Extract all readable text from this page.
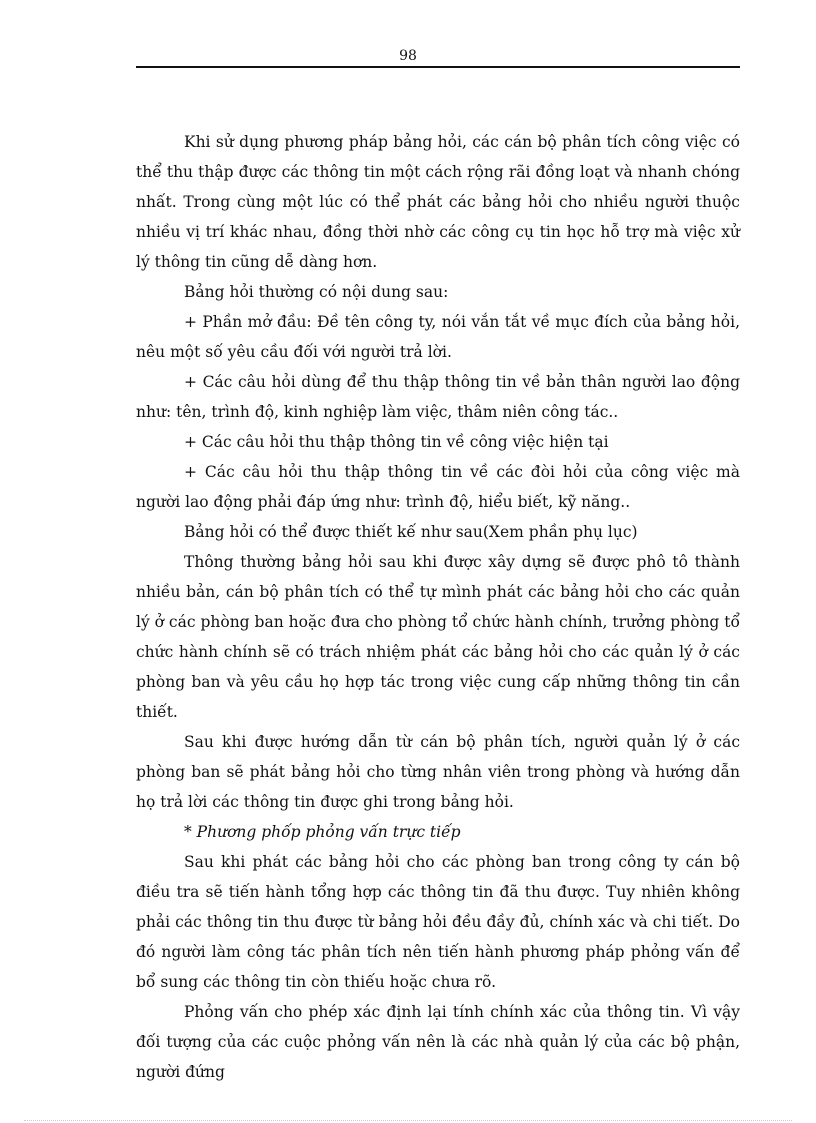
98

Khi sử dụng phương pháp bảng hỏi, các cán bộ phân tích công việc có thể thu thập được các thông tin một cách rộng rãi đồng loạt và nhanh chóng nhất. Trong cùng một lúc có thể phát các bảng hỏi cho nhiều người thuộc nhiều vị trí khác nhau, đồng thời nhờ các công cụ tin học hỗ trợ mà việc xử lý thông tin cũng dễ dàng hơn.

Bảng hỏi thường có nội dung sau:

+ Phần mở đầu: Đề tên công ty, nói vắn tắt về mục đích của bảng hỏi, nêu một số yêu cầu đối với người trả lời.

+ Các câu hỏi dùng để thu thập thông tin về bản thân người lao động như: tên, trình độ, kinh nghiệp làm việc, thâm niên công tác..

+ Các câu hỏi thu thập thông tin về công việc hiện tại

+ Các câu hỏi thu thập thông tin về các đòi hỏi của công việc mà người lao động phải đáp ứng như: trình độ, hiểu biết, kỹ năng..

Bảng hỏi có thể được thiết kế như sau(Xem phần phụ lục)

Thông thường bảng hỏi sau khi được xây dựng sẽ được phô tô thành nhiều bản, cán bộ phân tích có thể tự mình phát các bảng hỏi cho các quản lý ở các phòng ban hoặc đưa cho phòng tổ chức hành chính, trưởng phòng tổ chức hành chính sẽ có trách nhiệm phát các bảng hỏi cho các quản lý ở các phòng ban và yêu cầu họ hợp tác trong việc cung cấp những thông tin cần thiết.

Sau khi được hướng dẫn từ cán bộ phân tích, người quản lý ở các phòng ban sẽ phát bảng hỏi cho từng nhân viên trong phòng và hướng dẫn họ trả lời các thông tin được ghi trong bảng hỏi.

* Phương phốp phỏng vấn trực tiếp

Sau khi phát các bảng hỏi cho các phòng ban trong công ty cán bộ điều tra sẽ tiến hành tổng hợp các thông tin đã thu được. Tuy nhiên không phải các thông tin thu được từ bảng hỏi đều đầy đủ, chính xác và chi tiết. Do đó người làm công tác phân tích nên tiến hành phương pháp phỏng vấn để bổ sung các thông tin còn thiếu hoặc chưa rõ.

Phỏng vấn cho phép xác định lại tính chính xác của thông tin. Vì vậy đối tượng của các cuộc phỏng vấn nên là các nhà quản lý của các bộ phận, người đứng
